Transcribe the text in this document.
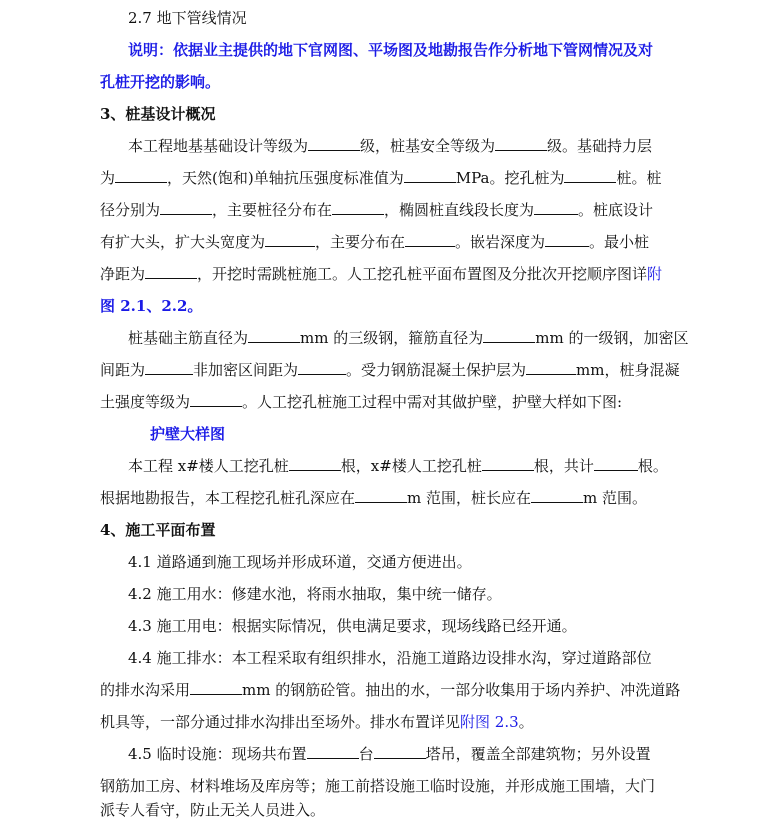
2.7 地下管线情况
说明：依据业主提供的地下官网图、平场图及地勘报告作分析地下管网情况及对
孔桩开挖的影响。
3、桩基设计概况
本工程地基基础设计等级为	级，桩基安全等级为	级。基础持力层
为	，天然(饱和)单轴抗压强度标准值为	MPa。挖孔桩为	桩。桩
径分别为	，主要桩径分布在	，椭圆桩直线段长度为	。桩底设计
有扩大头，扩大头宽度为	，主要分布在	。嵌岩深度为	。最小桩
净距为	，开挖时需跳桩施工。人工挖孔桩平面布置图及分批次开挖顺序图详附
图 2.1、2.2。
桩基础主筋直径为	mm 的三级钢，箍筋直径为	mm 的一级钢，加密区
间距为	非加密区间距为	。受力钢筋混凝土保护层为	mm，桩身混凝
土强度等级为	。人工挖孔桩施工过程中需对其做护壁，护壁大样如下图:
护壁大样图
本工程 x#楼人工挖孔桩	根，x#楼人工挖孔桩	根，共计	根。
根据地勘报告，本工程挖孔桩孔深应在	m 范围，桩长应在	m 范围。
4、施工平面布置
4.1 道路通到施工现场并形成环道，交通方便进出。
4.2 施工用水：修建水池，将雨水抽取，集中统一储存。
4.3 施工用电：根据实际情况，供电满足要求，现场线路已经开通。
4.4 施工排水：本工程采取有组织排水，沿施工道路边设排水沟，穿过道路部位
的排水沟采用	mm 的钢筋砼管。抽出的水，一部分收集用于场内养护、冲洗道路
机具等，一部分通过排水沟排出至场外。排水布置详见附图 2.3。
4.5 临时设施：现场共布置	台	塔吊，覆盖全部建筑物；另外设置
钢筋加工房、材料堆场及库房等；施工前搭设施工临时设施，并形成施工围墙，大门
派专人看守，防止无关人员进入。
